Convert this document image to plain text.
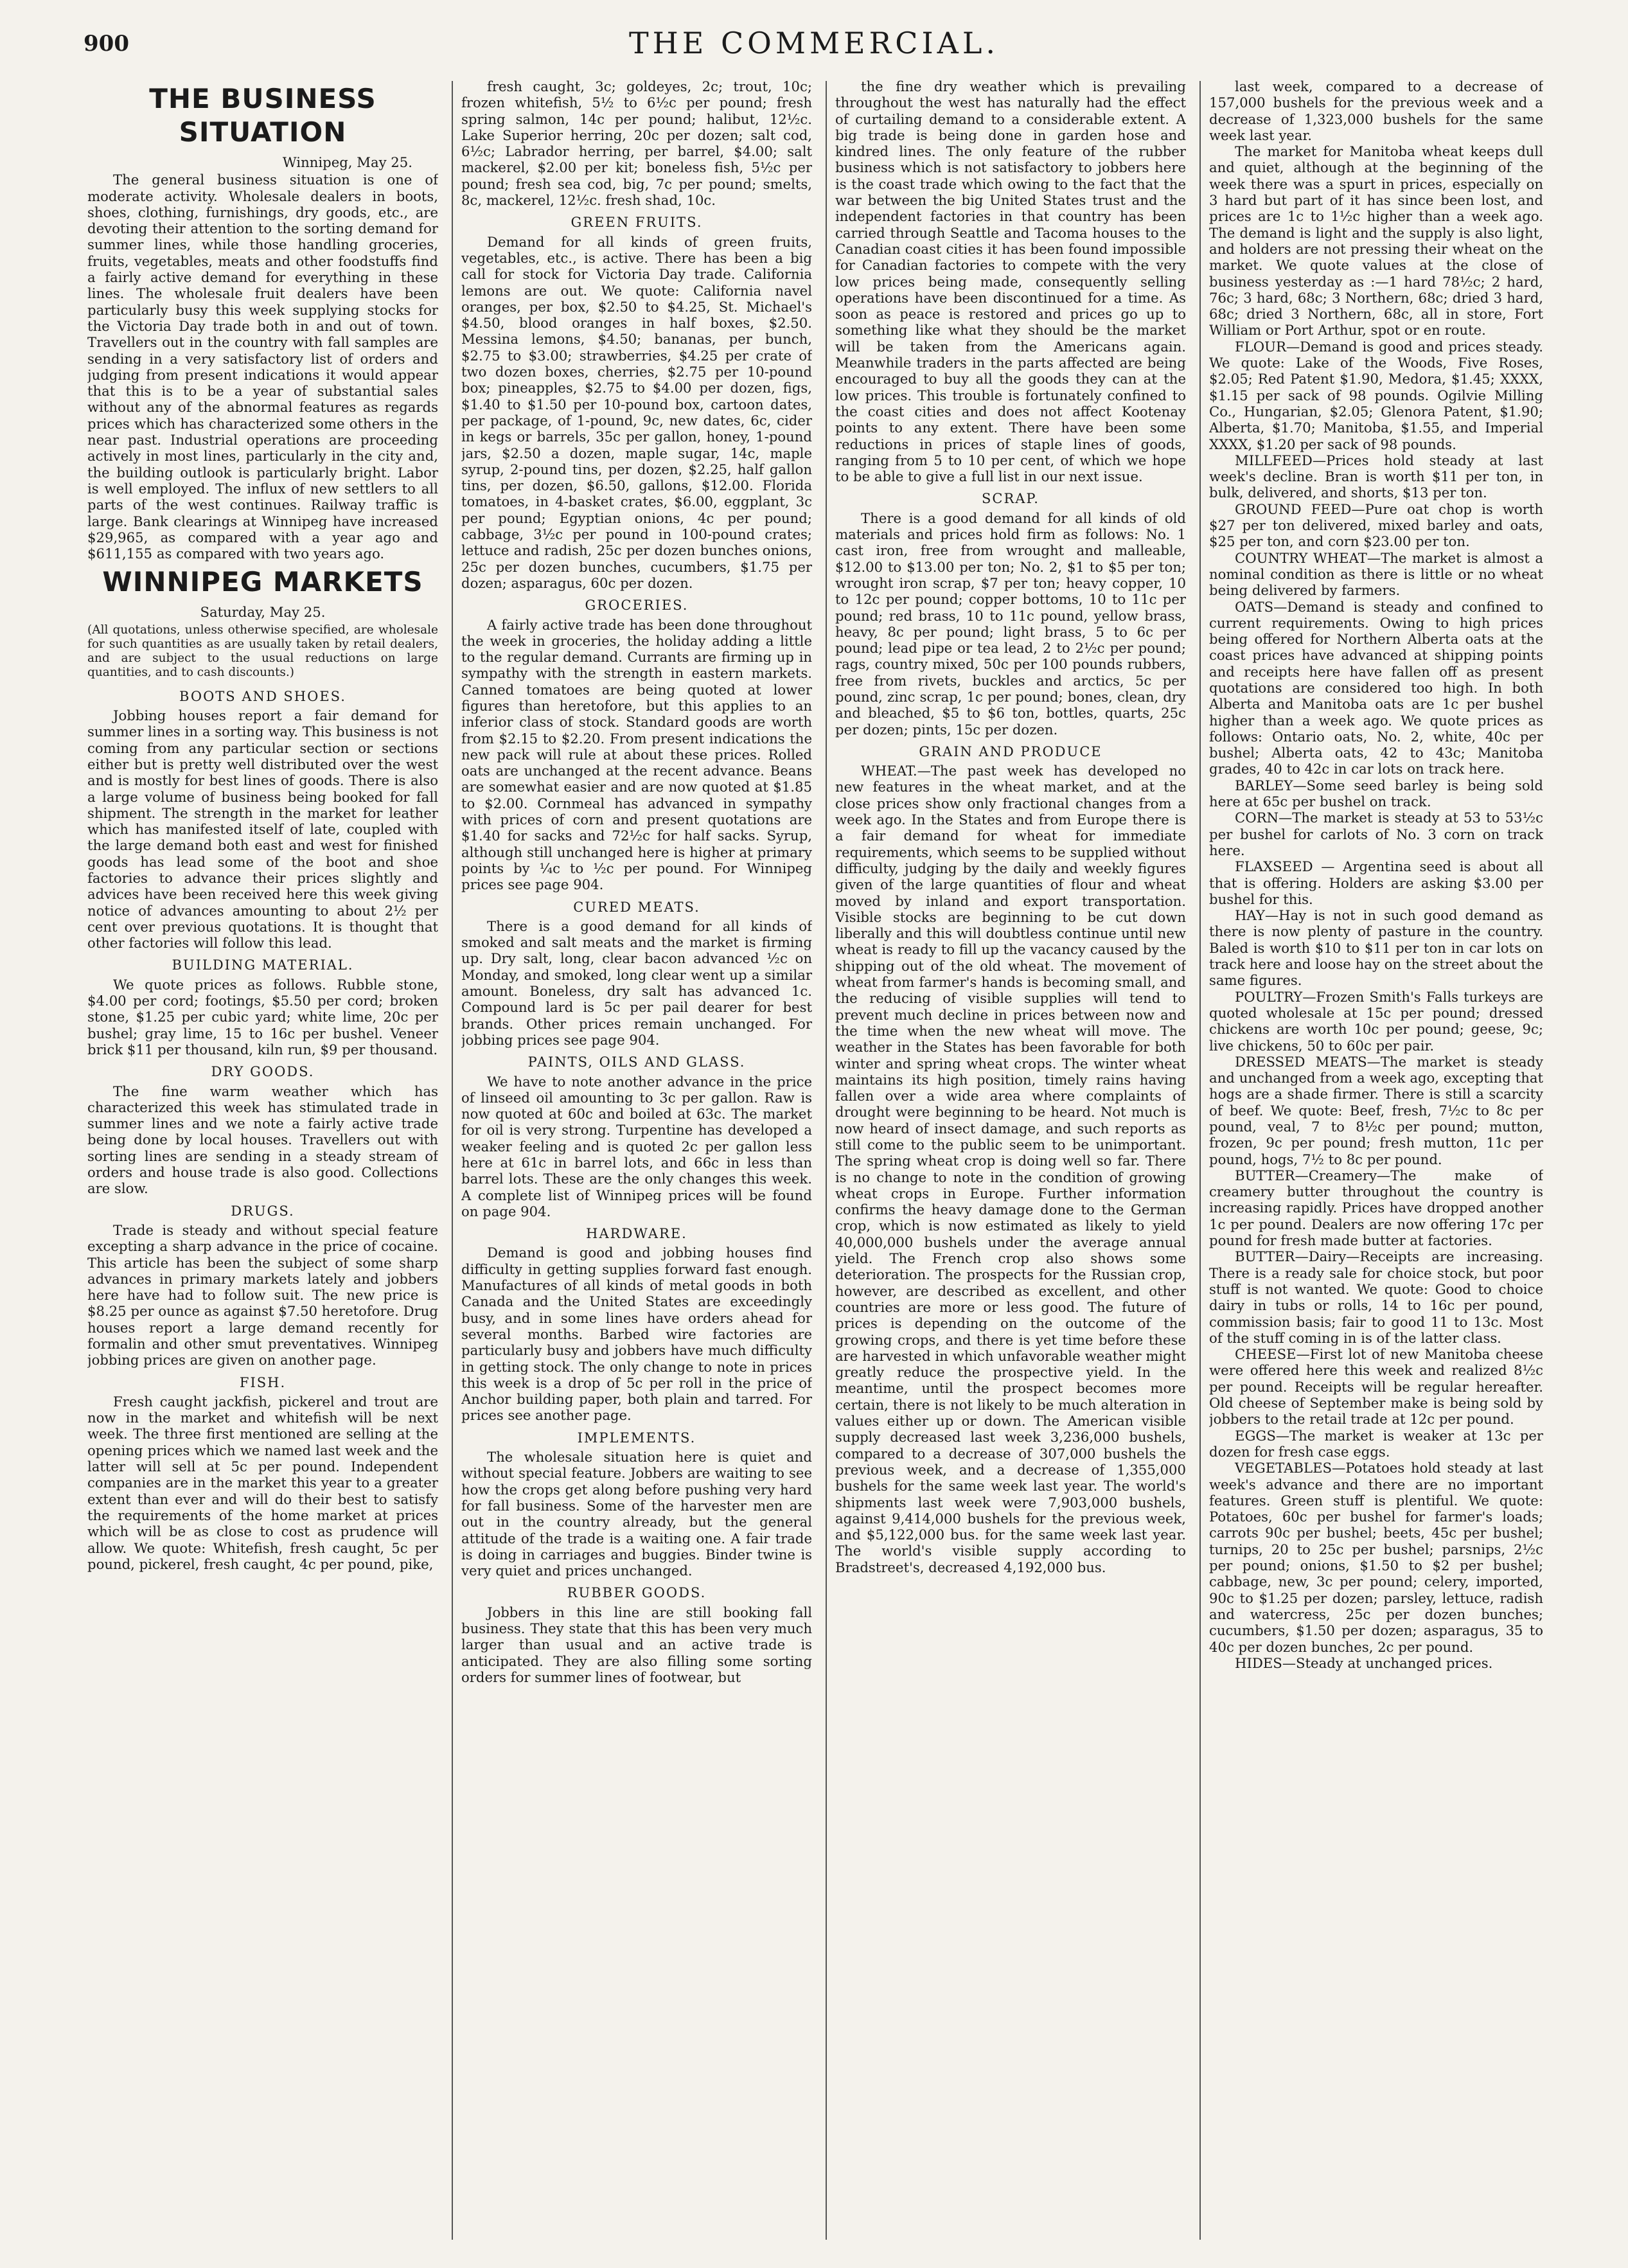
900	THE COMMERCIAL.
THE BUSINESS SITUATION
Winnipeg, May 25.

The general business situation is one of moderate activity. Wholesale dealers in boots, shoes, clothing, furnishings, dry goods, etc., are devoting their attention to the sorting demand for summer lines, while those handling groceries, fruits, vegetables, meats and other foodstuffs find a fairly active demand for everything in these lines. The wholesale fruit dealers have been particularly busy this week supplying stocks for the Victoria Day trade both in and out of town. Travellers out in the country with fall samples are sending in a very satisfactory list of orders and judging from present indications it would appear that this is to be a year of substantial sales without any of the abnormal features as regards prices which has characterized some others in the near past. Industrial operations are proceeding actively in most lines, particularly in the city and, the building outlook is particularly bright. Labor is well employed. The influx of new settlers to all parts of the west continues. Railway traffic is large. Bank clearings at Winnipeg have increased $29,965, as compared with a year ago and $611,155 as compared with two years ago.

WINNIPEG MARKETS
Saturday, May 25.
(All quotations, unless otherwise specified, are wholesale for such quantities as are usually taken by retail dealers, and are subject to the usual reductions on large quantities, and to cash discounts.)
BOOTS AND SHOES.

Jobbing houses report a fair demand for summer lines in a sorting way. This business is not coming from any particular section or sections either but is pretty well distributed over the west and is mostly for best lines of goods. There is also a large volume of business being booked for fall shipment. The strength in the market for leather which has manifested itself of late, coupled with the large demand both east and west for finished goods has lead some of the boot and shoe factories to advance their prices slightly and advices have been received here this week giving notice of advances amounting to about 2½ per cent over previous quotations. It is thought that other factories will follow this lead.

BUILDING MATERIAL.

We quote prices as follows. Rubble stone, $4.00 per cord; footings, $5.50 per cord; broken stone, $1.25 per cubic yard; white lime, 20c per bushel; gray lime, 15 to 16c per bushel. Veneer brick $11 per thousand, kiln run, $9 per thousand.

DRY GOODS.

The fine warm weather which has characterized this week has stimulated trade in summer lines and we note a fairly active trade being done by local houses. Travellers out with sorting lines are sending in a steady stream of orders and house trade is also good. Collections are slow.

DRUGS.

Trade is steady and without special feature excepting a sharp advance in the price of cocaine. This article has been the subject of some sharp advances in primary markets lately and jobbers here have had to follow suit. The new price is $8.25 per ounce as against $7.50 heretofore. Drug houses report a large demand recently for formalin and other smut preventatives. Winnipeg jobbing prices are given on another page.

FISH.

Fresh caught jackfish, pickerel and trout are now in the market and whitefish will be next week. The three first mentioned are selling at the opening prices which we named last week and the latter will sell at 5c per pound. Independent companies are in the market this year to a greater extent than ever and will do their best to satisfy the requirements of the home market at prices which will be as close to cost as prudence will allow. We quote: Whitefish, fresh caught, 5c per pound, pickerel, fresh caught, 4c per pound, pike,

fresh caught, 3c; goldeyes, 2c; trout, 10c; frozen whitefish, 5½ to 6½c per pound; fresh spring salmon, 14c per pound; halibut, 12½c. Lake Superior herring, 20c per dozen; salt cod, 6½c; Labrador herring, per barrel, $4.00; salt mackerel, $2.00 per kit; boneless fish, 5½c per pound; fresh sea cod, big, 7c per pound; smelts, 8c, mackerel, 12½c. fresh shad, 10c.

GREEN FRUITS.

Demand for all kinds of green fruits, vegetables, etc., is active. There has been a big call for stock for Victoria Day trade. California lemons are out. We quote: California navel oranges, per box, $2.50 to $4.25, St. Michael's $4.50, blood oranges in half boxes, $2.50. Messina lemons, $4.50; bananas, per bunch, $2.75 to $3.00; strawberries, $4.25 per crate of two dozen boxes, cherries, $2.75 per 10-pound box; pineapples, $2.75 to $4.00 per dozen, figs, $1.40 to $1.50 per 10-pound box, cartoon dates, per package, of 1-pound, 9c, new dates, 6c, cider in kegs or barrels, 35c per gallon, honey, 1-pound jars, $2.50 a dozen, maple sugar, 14c, maple syrup, 2-pound tins, per dozen, $2.25, half gallon tins, per dozen, $6.50, gallons, $12.00. Florida tomatoes, in 4-basket crates, $6.00, eggplant, 3c per pound; Egyptian onions, 4c per pound; cabbage, 3½c per pound in 100-pound crates; lettuce and radish, 25c per dozen bunches onions, 25c per dozen bunches, cucumbers, $1.75 per dozen; asparagus, 60c per dozen.

GROCERIES.

A fairly active trade has been done throughout the week in groceries, the holiday adding a little to the regular demand. Currants are firming up in sympathy with the strength in eastern markets. Canned tomatoes are being quoted at lower figures than heretofore, but this applies to an inferior class of stock. Standard goods are worth from $2.15 to $2.20. From present indications the new pack will rule at about these prices. Rolled oats are unchanged at the recent advance. Beans are somewhat easier and are now quoted at $1.85 to $2.00. Cornmeal has advanced in sympathy with prices of corn and present quotations are $1.40 for sacks and 72½c for half sacks. Syrup, although still unchanged here is higher at primary points by ¼c to ½c per pound. For Winnipeg prices see page 904.

CURED MEATS.

There is a good demand for all kinds of smoked and salt meats and the market is firming up. Dry salt, long, clear bacon advanced ½c on Monday, and smoked, long clear went up a similar amount. Boneless, dry salt has advanced 1c. Compound lard is 5c per pail dearer for best brands. Other prices remain unchanged. For jobbing prices see page 904.

PAINTS, OILS AND GLASS.

We have to note another advance in the price of linseed oil amounting to 3c per gallon. Raw is now quoted at 60c and boiled at 63c. The market for oil is very strong. Turpentine has developed a weaker feeling and is quoted 2c per gallon less here at 61c in barrel lots, and 66c in less than barrel lots. These are the only changes this week. A complete list of Winnipeg prices will be found on page 904.

HARDWARE.

Demand is good and jobbing houses find difficulty in getting supplies forward fast enough. Manufactures of all kinds of metal goods in both Canada and the United States are exceedingly busy, and in some lines have orders ahead for several months. Barbed wire factories are particularly busy and jobbers have much difficulty in getting stock. The only change to note in prices this week is a drop of 5c per roll in the price of Anchor building paper, both plain and tarred. For prices see another page.

IMPLEMENTS.

The wholesale situation here is quiet and without special feature. Jobbers are waiting to see how the crops get along before pushing very hard for fall business. Some of the harvester men are out in the country already, but the general attitude of the trade is a waiting one. A fair trade is doing in carriages and buggies. Binder twine is very quiet and prices unchanged.

RUBBER GOODS.

Jobbers in this line are still booking fall business. They state that this has been very much larger than usual and an active trade is anticipated. They are also filling some sorting orders for summer lines of footwear, but

the fine dry weather which is prevailing throughout the west has naturally had the effect of curtailing demand to a considerable extent. A big trade is being done in garden hose and kindred lines. The only feature of the rubber business which is not satisfactory to jobbers here is the coast trade which owing to the fact that the war between the big United States trust and the independent factories in that country has been carried through Seattle and Tacoma houses to the Canadian coast cities it has been found impossible for Canadian factories to compete with the very low prices being made, consequently selling operations have been discontinued for a time. As soon as peace is restored and prices go up to something like what they should be the market will be taken from the Americans again. Meanwhile traders in the parts affected are being encouraged to buy all the goods they can at the low prices. This trouble is fortunately confined to the coast cities and does not affect Kootenay points to any extent. There have been some reductions in prices of staple lines of goods, ranging from 5 to 10 per cent, of which we hope to be able to give a full list in our next issue.

SCRAP.

There is a good demand for all kinds of old materials and prices hold firm as follows: No. 1 cast iron, free from wrought and malleable, $12.00 to $13.00 per ton; No. 2, $1 to $5 per ton; wrought iron scrap, $7 per ton; heavy copper, 10 to 12c per pound; copper bottoms, 10 to 11c per pound; red brass, 10 to 11c pound, yellow brass, heavy, 8c per pound; light brass, 5 to 6c per pound; lead pipe or tea lead, 2 to 2½c per pound; rags, country mixed, 50c per 100 pounds rubbers, free from rivets, buckles and arctics, 5c per pound, zinc scrap, 1c per pound; bones, clean, dry and bleached, $5 to $6 ton, bottles, quarts, 25c per dozen; pints, 15c per dozen.

GRAIN AND PRODUCE

WHEAT.—The past week has developed no new features in the wheat market, and at the close prices show only fractional changes from a week ago. In the States and from Europe there is a fair demand for wheat for immediate requirements, which seems to be supplied without difficulty, judging by the daily and weekly figures given of the large quantities of flour and wheat moved by inland and export transportation. Visible stocks are beginning to be cut down liberally and this will doubtless continue until new wheat is ready to fill up the vacancy caused by the shipping out of the old wheat. The movement of wheat from farmer's hands is becoming small, and the reducing of visible supplies will tend to prevent much decline in prices between now and the time when the new wheat will move. The weather in the States has been favorable for both winter and spring wheat crops. The winter wheat maintains its high position, timely rains having fallen over a wide area where complaints of drought were beginning to be heard. Not much is now heard of insect damage, and such reports as still come to the public seem to be unimportant. The spring wheat crop is doing well so far. There is no change to note in the condition of growing wheat crops in Europe. Further information confirms the heavy damage done to the German crop, which is now estimated as likely to yield 40,000,000 bushels under the average annual yield. The French crop also shows some deterioration. The prospects for the Russian crop, however, are described as excellent, and other countries are more or less good. The future of prices is depending on the outcome of the growing crops, and there is yet time before these are harvested in which unfavorable weather might greatly reduce the prospective yield. In the meantime, until the prospect becomes more certain, there is not likely to be much alteration in values either up or down. The American visible supply decreased last week 3,236,000 bushels, compared to a decrease of 307,000 bushels the previous week, and a decrease of 1,355,000 bushels for the same week last year. The world's shipments last week were 7,903,000 bushels, against 9,414,000 bushels for the previous week, and $5,122,000 bus. for the same week last year. The world's visible supply according to Bradstreet's, decreased 4,192,000 bus.

last week, compared to a decrease of 157,000 bushels for the previous week and a decrease of 1,323,000 bushels for the same week last year.

The market for Manitoba wheat keeps dull and quiet, although at the beginning of the week there was a spurt in prices, especially on 3 hard but part of it has since been lost, and prices are 1c to 1½c higher than a week ago. The demand is light and the supply is also light, and holders are not pressing their wheat on the market. We quote values at the close of business yesterday as :—1 hard 78½c; 2 hard, 76c; 3 hard, 68c; 3 Northern, 68c; dried 3 hard, 68c; dried 3 Northern, 68c, all in store, Fort William or Port Arthur, spot or en route.

FLOUR—Demand is good and prices steady. We quote: Lake of the Woods, Five Roses, $2.05; Red Patent $1.90, Medora, $1.45; XXXX, $1.15 per sack of 98 pounds. Ogilvie Milling Co., Hungarian, $2.05; Glenora Patent, $1.90; Alberta, $1.70; Manitoba, $1.55, and Imperial XXXX, $1.20 per sack of 98 pounds.

MILLFEED—Prices hold steady at last week's decline. Bran is worth $11 per ton, in bulk, delivered, and shorts, $13 per ton.

GROUND FEED—Pure oat chop is worth $27 per ton delivered, mixed barley and oats, $25 per ton, and corn $23.00 per ton.

COUNTRY WHEAT—The market is almost a nominal condition as there is little or no wheat being delivered by farmers.

OATS—Demand is steady and confined to current requirements. Owing to high prices being offered for Northern Alberta oats at the coast prices have advanced at shipping points and receipts here have fallen off as present quotations are considered too high. In both Alberta and Manitoba oats are 1c per bushel higher than a week ago. We quote prices as follows: Ontario oats, No. 2, white, 40c per bushel; Alberta oats, 42 to 43c; Manitoba grades, 40 to 42c in car lots on track here.

BARLEY—Some seed barley is being sold here at 65c per bushel on track.

CORN—The market is steady at 53 to 53½c per bushel for carlots of No. 3 corn on track here.

FLAXSEED — Argentina seed is about all that is offering. Holders are asking $3.00 per bushel for this.

HAY—Hay is not in such good demand as there is now plenty of pasture in the country. Baled is worth $10 to $11 per ton in car lots on track here and loose hay on the street about the same figures.

POULTRY—Frozen Smith's Falls turkeys are quoted wholesale at 15c per pound; dressed chickens are worth 10c per pound; geese, 9c; live chickens, 50 to 60c per pair.

DRESSED MEATS—The market is steady and unchanged from a week ago, excepting that hogs are a shade firmer. There is still a scarcity of beef. We quote: Beef, fresh, 7½c to 8c per pound, veal, 7 to 8½c per pound; mutton, frozen, 9c per pound; fresh mutton, 11c per pound, hogs, 7½ to 8c per pound.

BUTTER—Creamery—The make of creamery butter throughout the country is increasing rapidly. Prices have dropped another 1c per pound. Dealers are now offering 17c per pound for fresh made butter at factories.

BUTTER—Dairy—Receipts are increasing. There is a ready sale for choice stock, but poor stuff is not wanted. We quote: Good to choice dairy in tubs or rolls, 14 to 16c per pound, commission basis; fair to good 11 to 13c. Most of the stuff coming in is of the latter class.

CHEESE—First lot of new Manitoba cheese were offered here this week and realized 8½c per pound. Receipts will be regular hereafter. Old cheese of September make is being sold by jobbers to the retail trade at 12c per pound.

EGGS—The market is weaker at 13c per dozen for fresh case eggs.

VEGETABLES—Potatoes hold steady at last week's advance and there are no important features. Green stuff is plentiful. We quote: Potatoes, 60c per bushel for farmer's loads; carrots 90c per bushel; beets, 45c per bushel; turnips, 20 to 25c per bushel; parsnips, 2½c per pound; onions, $1.50 to $2 per bushel; cabbage, new, 3c per pound; celery, imported, 90c to $1.25 per dozen; parsley, lettuce, radish and watercress, 25c per dozen bunches; cucumbers, $1.50 per dozen; asparagus, 35 to 40c per dozen bunches, 2c per pound.

HIDES—Steady at unchanged prices.
